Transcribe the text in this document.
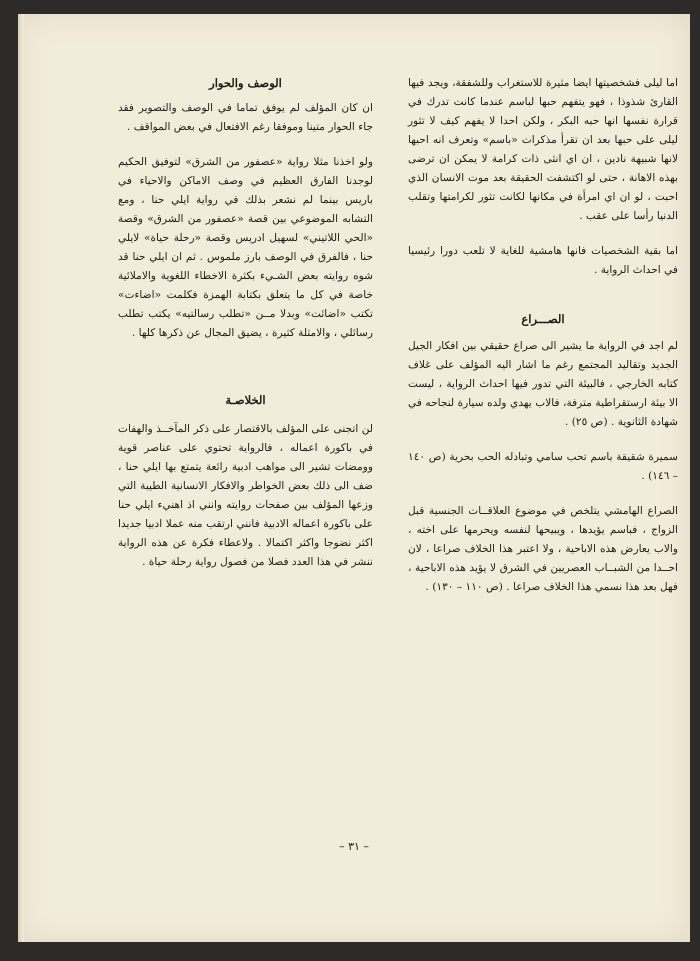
اما ليلى فشخصيتها ايضا مثيرة للاستغراب وللشفقة، ويجد فيها القارئ شذوذا ، فهو يتفهم حبها لباسم عندما كانت تدرك في قرارة نفسها انها حبه البكر ، ولكن احدا لا يفهم كيف لا تثور ليلى على حبها بعد ان تقرأ مذكرات «باسم» وتعرف انه احبها لانها شبيهة نادين ، ان اي انثى ذات كرامة لا يمكن ان ترضى بهذه الاهانة ، حتى لو اكتشفت الحقيقة بعد موت الانسان الذي احبت ، لو ان اي امرأة في مكانها لكانت تثور لكرامتها وتقلب الدنيا رأسا على عقب .

اما بقية الشخصيات فانها هامشية للغاية لا تلعب دورا رئيسيا في احداث الرواية .

الصـــراع

لم اجد في الرواية ما يشير الى صراع حقيقي بين افكار الجيل الجديد وتقاليد المجتمع رغم ما اشار اليه المؤلف على غلاف كتابه الخارجي ، فالبيئة التي تدور فيها احداث الرواية ، ليست الا بيئة ارستقراطية مترفة، فالاب يهدي ولده سيارة لنجاحه في شهادة الثانوية . (ص ٢٥) .

سميرة شقيقة باسم تحب سامي وتبادله الحب بحرية (ص ١٤٠ – ١٤٦) .

الصراع الهامشي يتلخص في موضوع العلاقــات الجنسية قبل الزواج ، فباسم يؤيدها ، ويبيحها لنفسه ويحرمها على اخته ، والاب يعارض هذه الاباحية ، ولا اعتبر هذا الخلاف صراعا ، لان احــدا من الشبــاب العصريين في الشرق لا يؤيد هذه الاباحية ، فهل بعد هذا نسمي هذا الخلاف صراعا . (ص ١١٠ – ١٣٠) .

الوصف والحوار

ان كان المؤلف لم يوفق تماما في الوصف والتصوير فقد جاء الحوار متينا وموفقا رغم الافتعال في بعض المواقف .

ولو اخذنا مثلا رواية «عصفور من الشرق» لتوفيق الحكيم لوجدنا الفارق العظيم في وصف الاماكن والاحياء في باريس بينما لم نشعر بذلك في رواية ايلي حنا ، ومع التشابه الموضوعي بين قصة «عصفور من الشرق» وقصة «الحي اللاتيني» لسهيل ادريس وقصة «رحلة حياة» لايلي حنا ، فالفرق في الوصف بارز ملموس . ثم ان ايلي حنا قد شوه روايته بعض الشـيء بكثرة الاخطاء اللغوية والاملائية خاصة في كل ما يتعلق بكتابة الهمزة فكلمت «اضاءت» تكتب «اضائت» وبدلا مــن «تطلب رسالتيه» يكتب تطلب رسائلي ، والامثلة كثيرة ، يضيق المجال عن ذكرها كلها .

الخلاصـة

لن اتجنى على المؤلف بالاقتصار على ذكر المآخــذ والهفات في باكورة اعماله ، فالرواية تحتوي على عناصر قوية وومضات تشير الى مواهب ادبية رائعة يتمتع بها ايلي حنا ، ضف الى ذلك بعض الخواطر والافكار الانسانية الطيبة التي وزعها المؤلف بين صفحات روايته وانني اذ اهنيء ايلي حنا على باكورة اعماله الادبية فانني ارتقب منه عملا ادبيا جديدا اكثر نضوجا واكثر اكتمالا . ولاعطاء فكرة عن هذه الرواية ننشر في هذا العدد فصلا من فصول رواية رحلة حياة .

– ٣١ –
